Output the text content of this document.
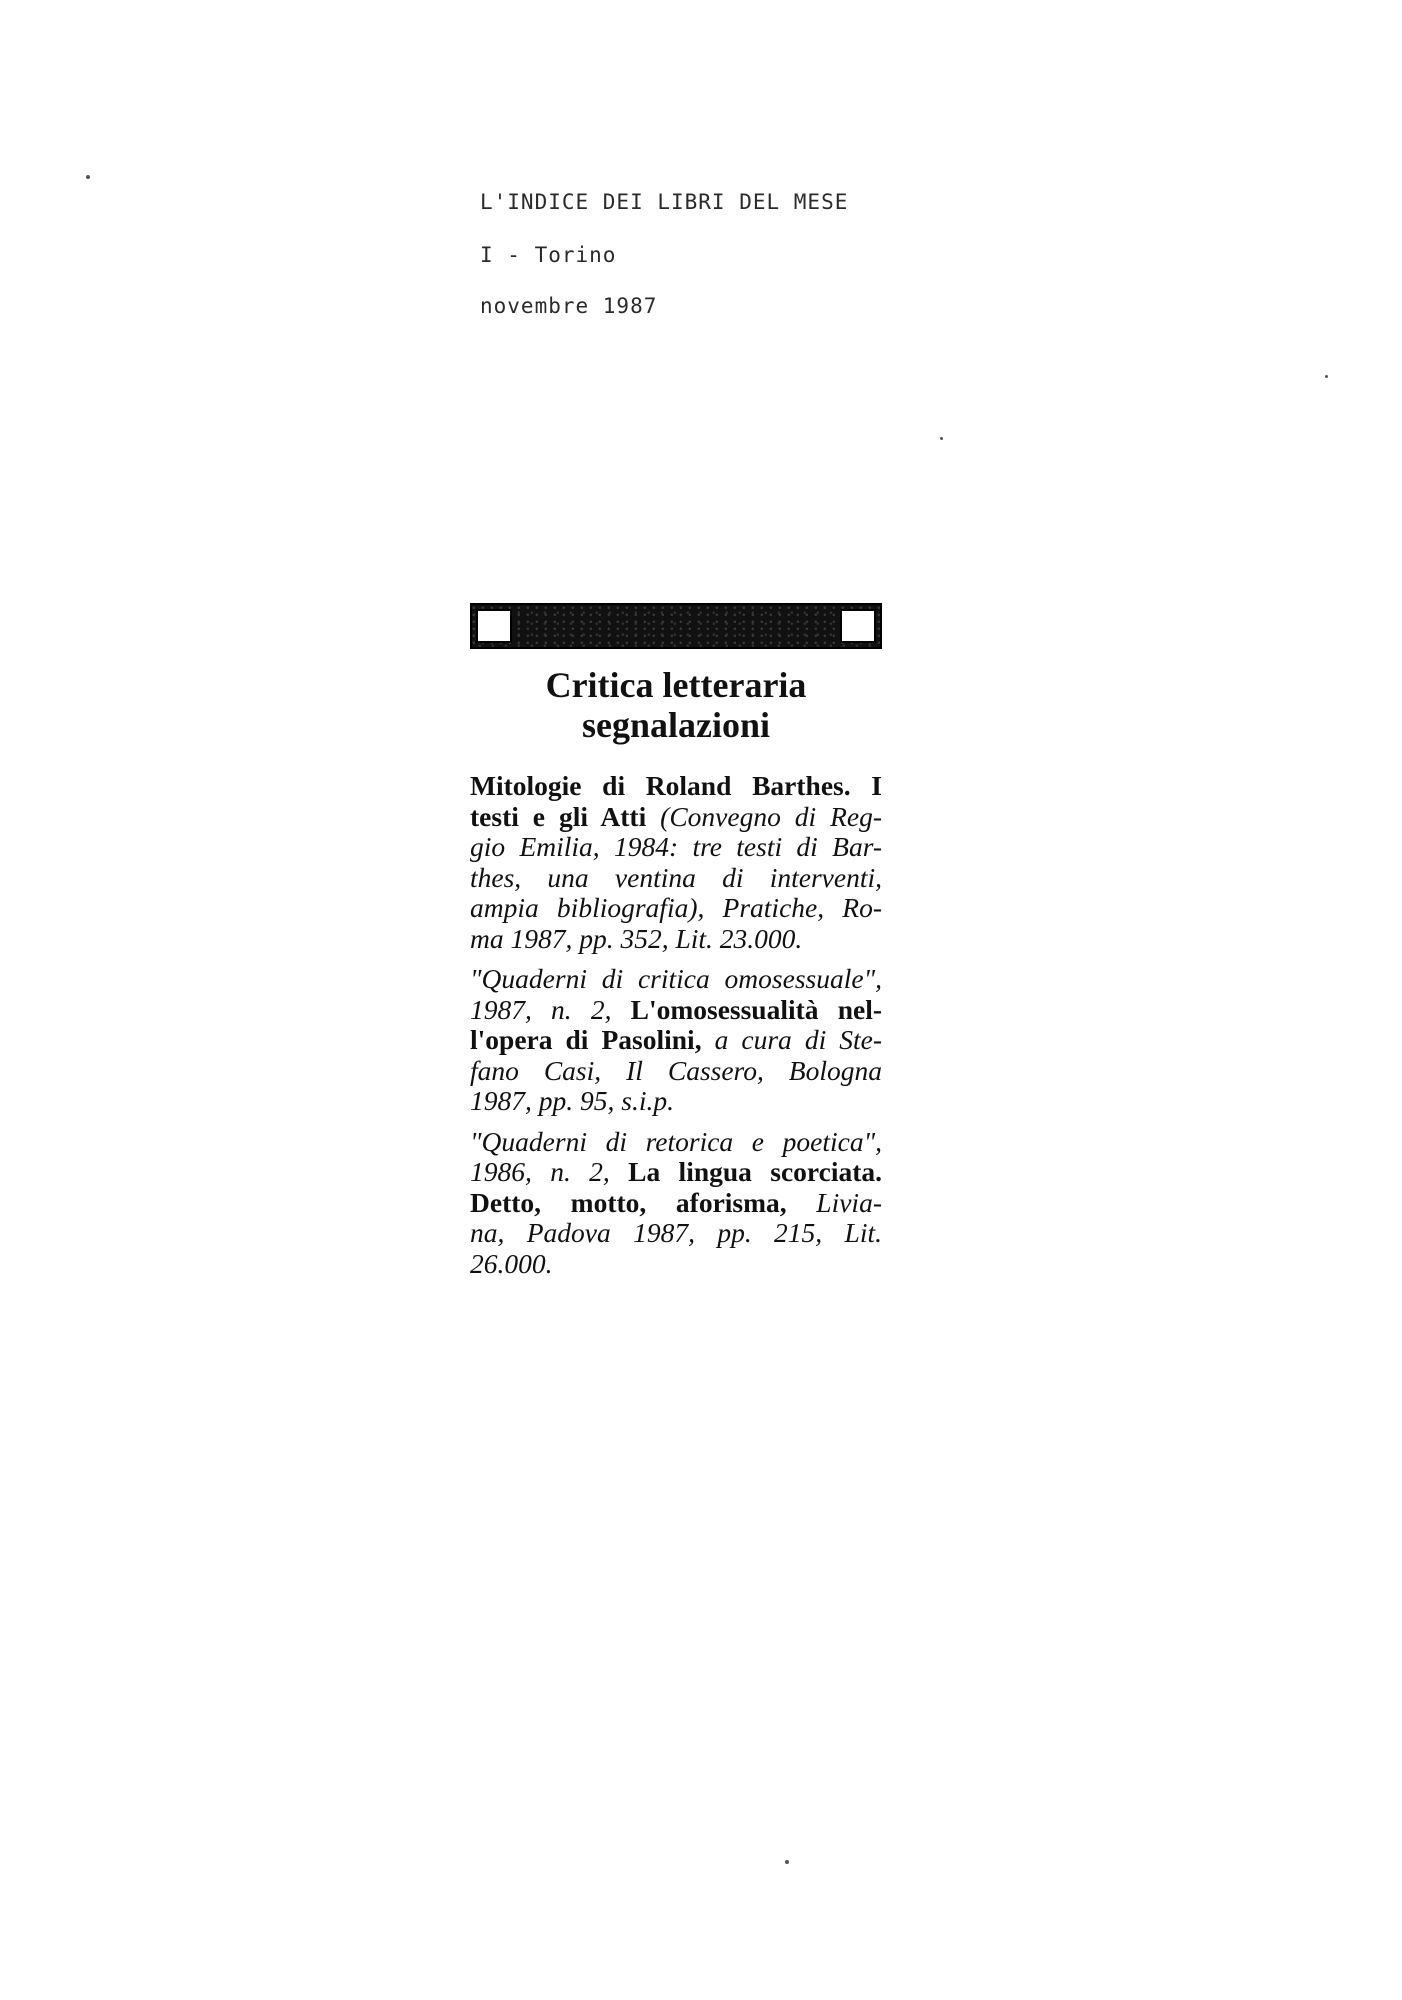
L'INDICE DEI LIBRI DEL MESE
I - Torino
novembre 1987
Critica letteraria
segnalazioni

Mitologie di Roland Barthes. I
testi e gli Atti (Convegno di Reg-
gio Emilia, 1984: tre testi di Bar-
thes, una ventina di interventi,
ampia bibliografia), Pratiche, Ro-
ma 1987, pp. 352, Lit. 23.000.

"Quaderni di critica omosessuale",
1987, n. 2, L'omosessualità nel-
l'opera di Pasolini, a cura di Ste-
fano Casi, Il Cassero, Bologna
1987, pp. 95, s.i.p.

"Quaderni di retorica e poetica",
1986, n. 2, La lingua scorciata.
Detto, motto, aforisma, Livia-
na, Padova 1987, pp. 215, Lit.
26.000.
